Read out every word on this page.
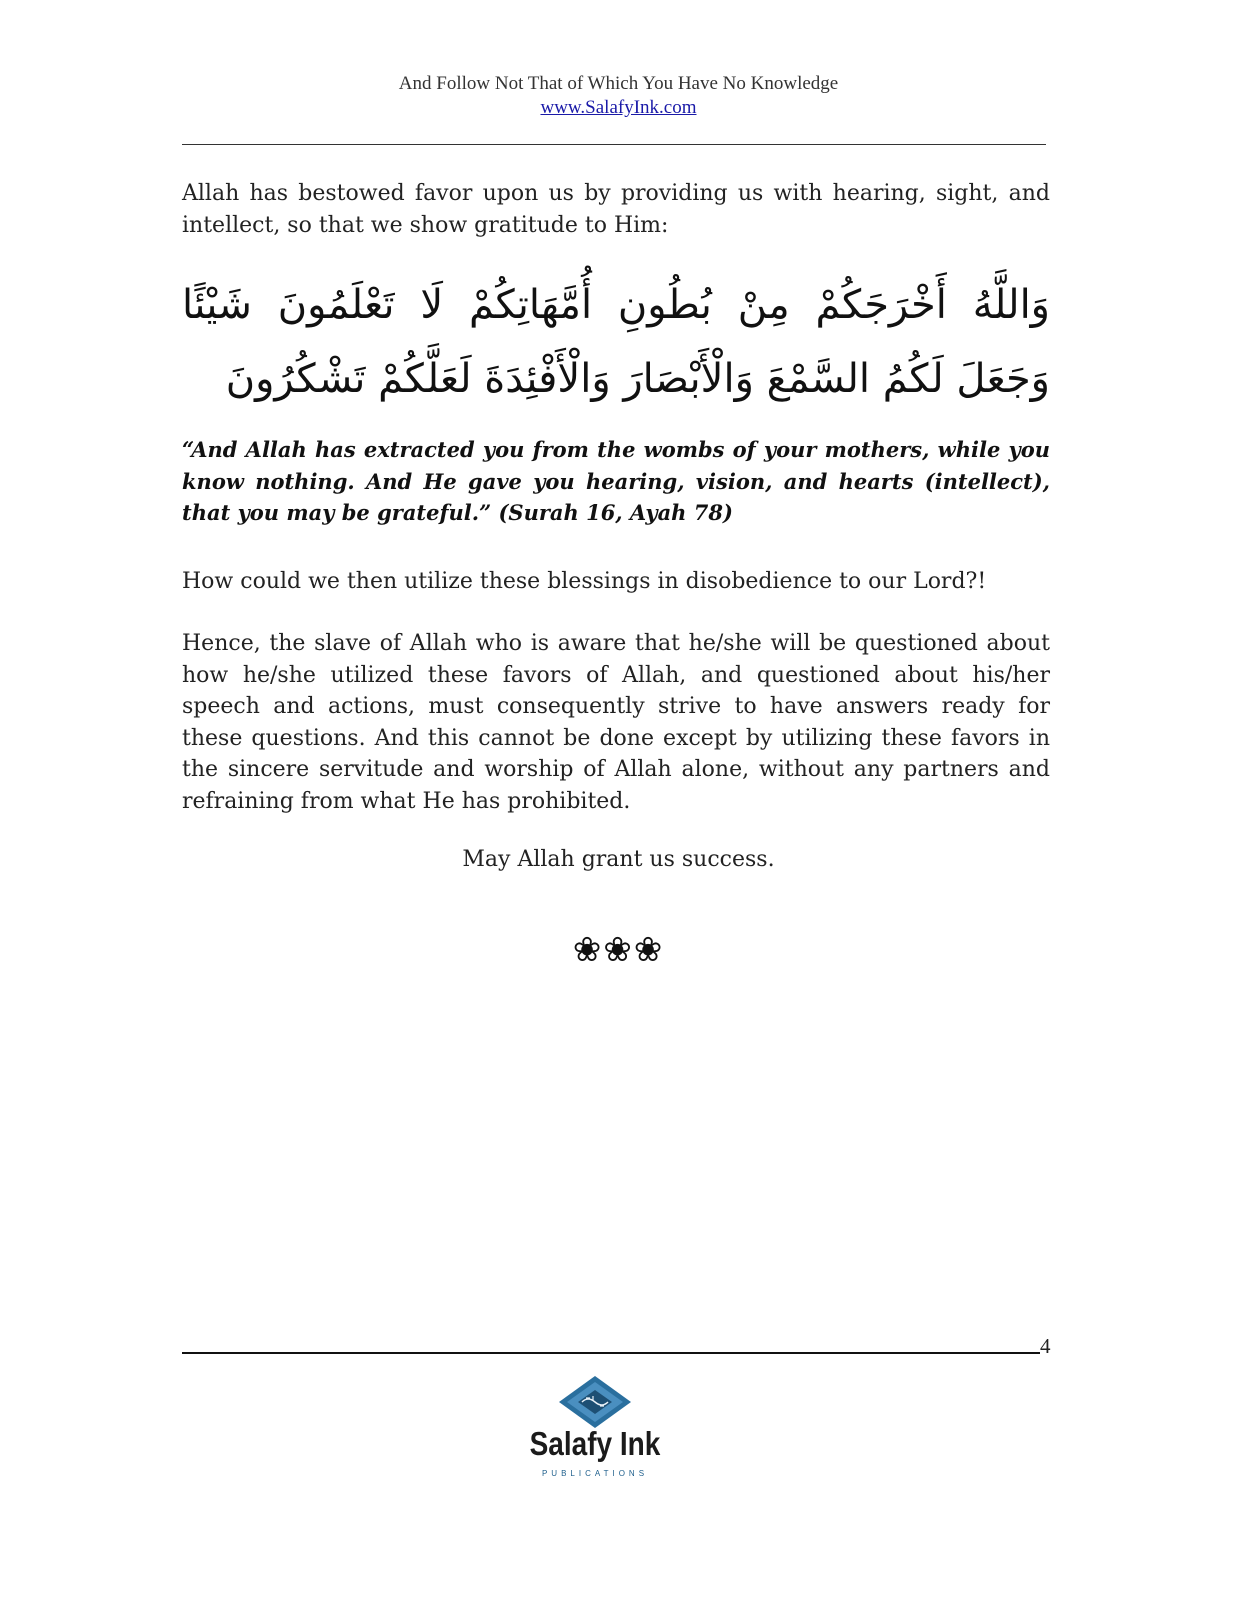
And Follow Not That of Which You Have No Knowledge
www.SalafyInk.com
Allah has bestowed favor upon us by providing us with hearing, sight, and intellect, so that we show gratitude to Him:
وَاللَّهُ أَخْرَجَكُمْ مِنْ بُطُونِ أُمَّهَاتِكُمْ لَا تَعْلَمُونَ شَيْئًا وَجَعَلَ لَكُمُ السَّمْعَ وَالْأَبْصَارَ وَالْأَفْئِدَةَ لَعَلَّكُمْ تَشْكُرُونَ
“And Allah has extracted you from the wombs of your mothers, while you know nothing. And He gave you hearing, vision, and hearts (intellect), that you may be grateful.” (Surah 16, Ayah 78)
How could we then utilize these blessings in disobedience to our Lord?!
Hence, the slave of Allah who is aware that he/she will be questioned about how he/she utilized these favors of Allah, and questioned about his/her speech and actions, must consequently strive to have answers ready for these questions. And this cannot be done except by utilizing these favors in the sincere servitude and worship of Allah alone, without any partners and refraining from what He has prohibited.
May Allah grant us success.
❀❀❀
4
Salafy Ink
PUBLICATIONS
